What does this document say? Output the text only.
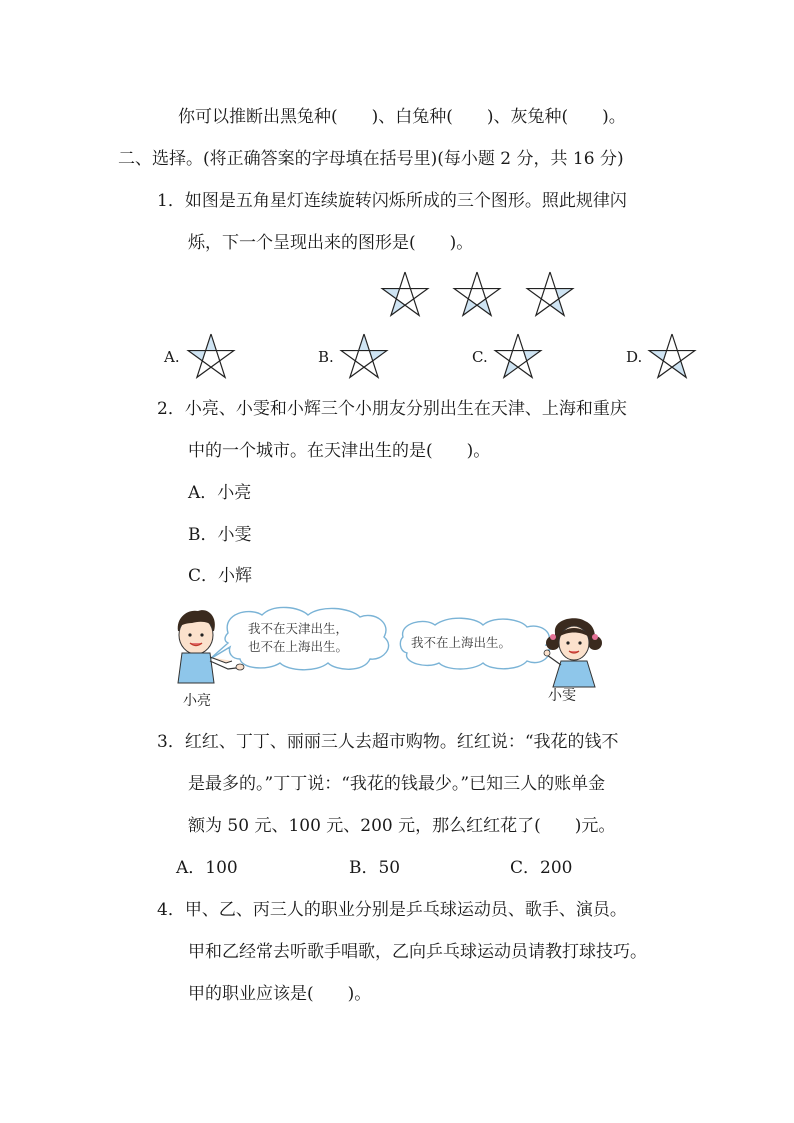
你可以推断出黑兔种(　　)、白兔种(　　)、灰兔种(　　)。
二、选择。(将正确答案的字母填在括号里)(每小题 2 分，共 16 分)
1．如图是五角星灯连续旋转闪烁所成的三个图形。照此规律闪
烁，下一个呈现出来的图形是(　　)。
A.	B.	C.	D.
2．小亮、小雯和小辉三个小朋友分别出生在天津、上海和重庆
中的一个城市。在天津出生的是(　　)。
A．小亮
B．小雯
C．小辉
我不在天津出生，
也不在上海出生。
小亮
我不在上海出生。
小雯
3．红红、丁丁、丽丽三人去超市购物。红红说：“我花的钱不
是最多的。”丁丁说：“我花的钱最少。”已知三人的账单金
额为 50 元、100 元、200 元，那么红红花了(　　)元。
A．100	B．50	C．200
4．甲、乙、丙三人的职业分别是乒乓球运动员、歌手、演员。
甲和乙经常去听歌手唱歌，乙向乒乓球运动员请教打球技巧。
甲的职业应该是(　　)。
